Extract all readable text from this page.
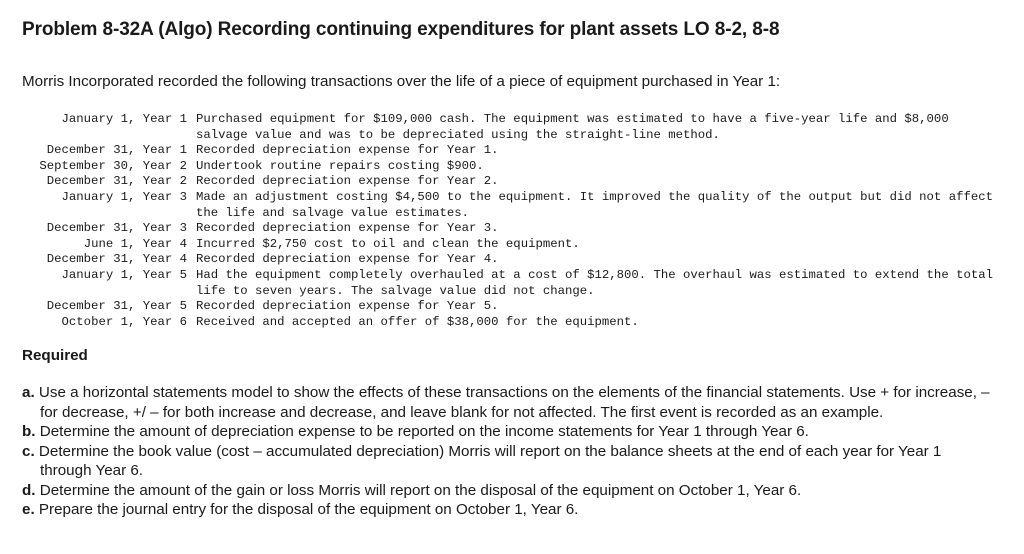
Problem 8-32A (Algo) Recording continuing expenditures for plant assets LO 8-2, 8-8
Morris Incorporated recorded the following transactions over the life of a piece of equipment purchased in Year 1:
January 1, Year 1	Purchased equipment for $109,000 cash. The equipment was estimated to have a five-year life and $8,000 salvage value and was to be depreciated using the straight-line method.
December 31, Year 1	Recorded depreciation expense for Year 1.
September 30, Year 2	Undertook routine repairs costing $900.
December 31, Year 2	Recorded depreciation expense for Year 2.
January 1, Year 3	Made an adjustment costing $4,500 to the equipment. It improved the quality of the output but did not affect the life and salvage value estimates.
December 31, Year 3	Recorded depreciation expense for Year 3.
June 1, Year 4	Incurred $2,750 cost to oil and clean the equipment.
December 31, Year 4	Recorded depreciation expense for Year 4.
January 1, Year 5	Had the equipment completely overhauled at a cost of $12,800. The overhaul was estimated to extend the total life to seven years. The salvage value did not change.
December 31, Year 5	Recorded depreciation expense for Year 5.
October 1, Year 6	Received and accepted an offer of $38,000 for the equipment.
Required
a. Use a horizontal statements model to show the effects of these transactions on the elements of the financial statements. Use + for increase, – for decrease, +/ – for both increase and decrease, and leave blank for not affected. The first event is recorded as an example.
b. Determine the amount of depreciation expense to be reported on the income statements for Year 1 through Year 6.
c. Determine the book value (cost – accumulated depreciation) Morris will report on the balance sheets at the end of each year for Year 1 through Year 6.
d. Determine the amount of the gain or loss Morris will report on the disposal of the equipment on October 1, Year 6.
e. Prepare the journal entry for the disposal of the equipment on October 1, Year 6.
